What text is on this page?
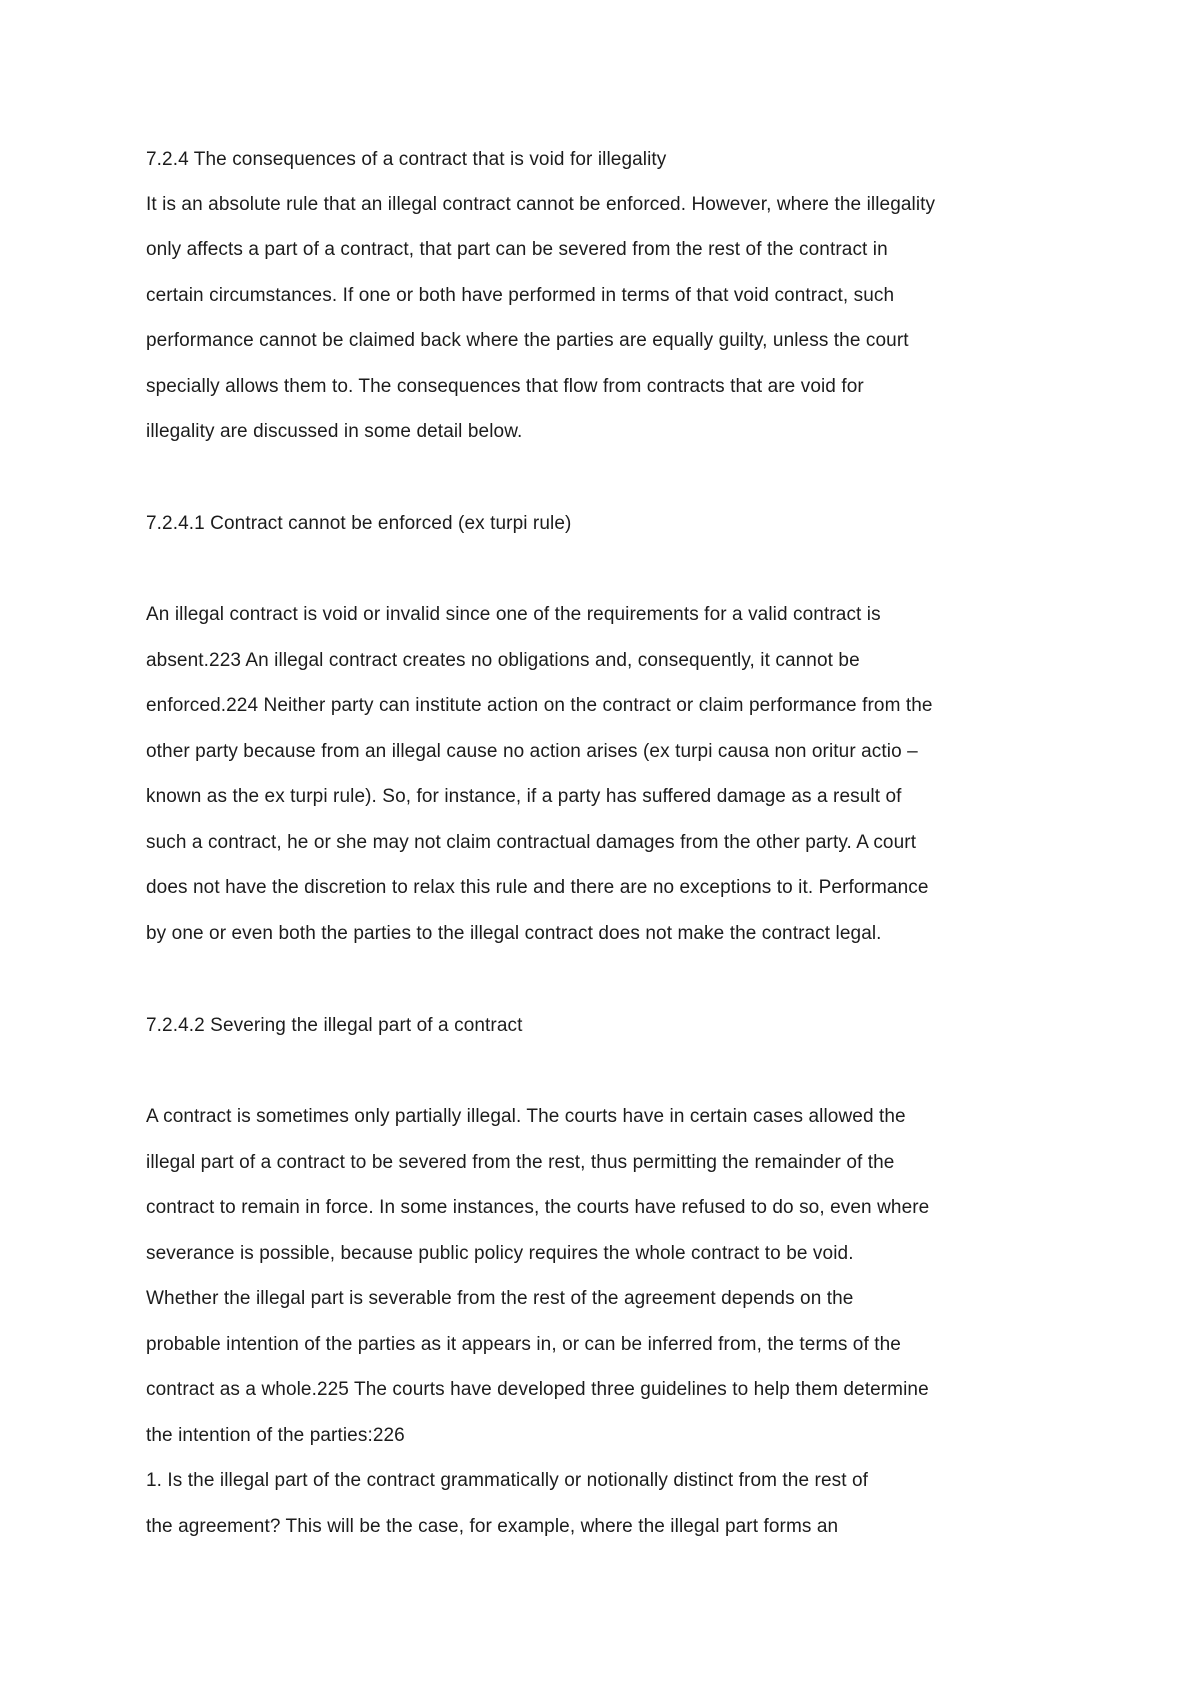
7.2.4 The consequences of a contract that is void for illegality
It is an absolute rule that an illegal contract cannot be enforced. However, where the illegality
only affects a part of a contract, that part can be severed from the rest of the contract in
certain circumstances. If one or both have performed in terms of that void contract, such
performance cannot be claimed back where the parties are equally guilty, unless the court
specially allows them to. The consequences that flow from contracts that are void for
illegality are discussed in some detail below.
7.2.4.1 Contract cannot be enforced (ex turpi rule)
An illegal contract is void or invalid since one of the requirements for a valid contract is
absent.223 An illegal contract creates no obligations and, consequently, it cannot be
enforced.224 Neither party can institute action on the contract or claim performance from the
other party because from an illegal cause no action arises (ex turpi causa non oritur actio –
known as the ex turpi rule). So, for instance, if a party has suffered damage as a result of
such a contract, he or she may not claim contractual damages from the other party. A court
does not have the discretion to relax this rule and there are no exceptions to it. Performance
by one or even both the parties to the illegal contract does not make the contract legal.
7.2.4.2 Severing the illegal part of a contract
A contract is sometimes only partially illegal. The courts have in certain cases allowed the
illegal part of a contract to be severed from the rest, thus permitting the remainder of the
contract to remain in force. In some instances, the courts have refused to do so, even where
severance is possible, because public policy requires the whole contract to be void.
Whether the illegal part is severable from the rest of the agreement depends on the
probable intention of the parties as it appears in, or can be inferred from, the terms of the
contract as a whole.225 The courts have developed three guidelines to help them determine
the intention of the parties:226
1. Is the illegal part of the contract grammatically or notionally distinct from the rest of
the agreement? This will be the case, for example, where the illegal part forms an
